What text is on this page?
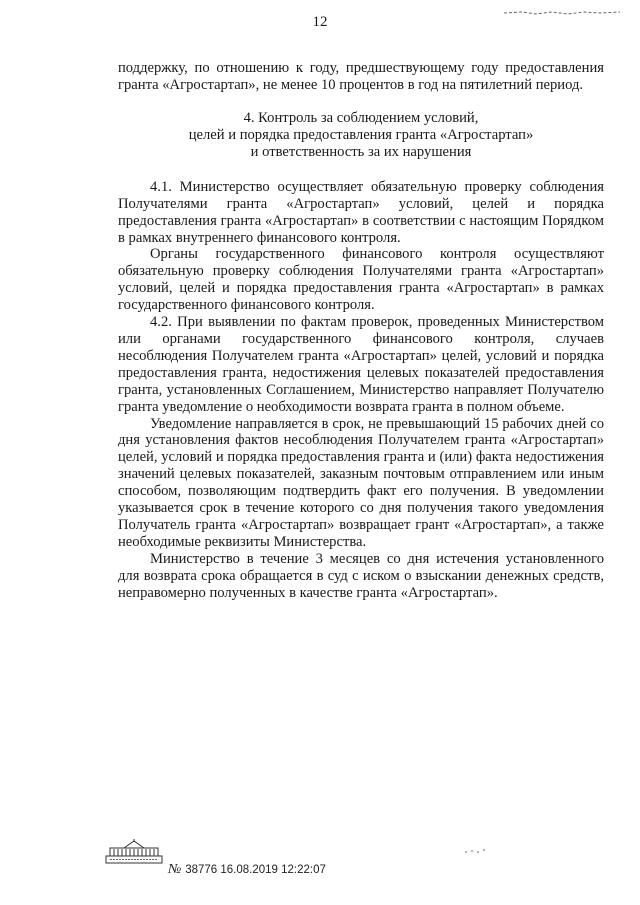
12

поддержку, по отношению к году, предшествующему году предоставления гранта «Агростартап», не менее 10 процентов в год на пятилетний период.

4. Контроль за соблюдением условий,
целей и порядка предоставления гранта «Агростартап»
и ответственность за их нарушения

4.1. Министерство осуществляет обязательную проверку соблюдения Получателями гранта «Агростартап» условий, целей и порядка предоставления гранта «Агростартап» в соответствии с настоящим Порядком в рамках внутреннего финансового контроля.

Органы государственного финансового контроля осуществляют обязательную проверку соблюдения Получателями гранта «Агростартап» условий, целей и порядка предоставления гранта «Агростартап» в рамках государственного финансового контроля.

4.2. При выявлении по фактам проверок, проведенных Министерством или органами государственного финансового контроля, случаев несоблюдения Получателем гранта «Агростартап» целей, условий и порядка предоставления гранта, недостижения целевых показателей предоставления гранта, установленных Соглашением, Министерство направляет Получателю гранта уведомление о необходимости возврата гранта в полном объеме.

Уведомление направляется в срок, не превышающий 15 рабочих дней со дня установления фактов несоблюдения Получателем гранта «Агростартап» целей, условий и порядка предоставления гранта и (или) факта недостижения значений целевых показателей, заказным почтовым отправлением или иным способом, позволяющим подтвердить факт его получения. В уведомлении указывается срок в течение которого со дня получения такого уведомления Получатель гранта «Агростартап» возвращает грант «Агростартап», а также необходимые реквизиты Министерства.

Министерство в течение 3 месяцев со дня истечения установленного для возврата срока обращается в суд с иском о взыскании денежных средств, неправомерно полученных в качестве гранта «Агростартап».

№ 38776 16.08.2019 12:22:07
